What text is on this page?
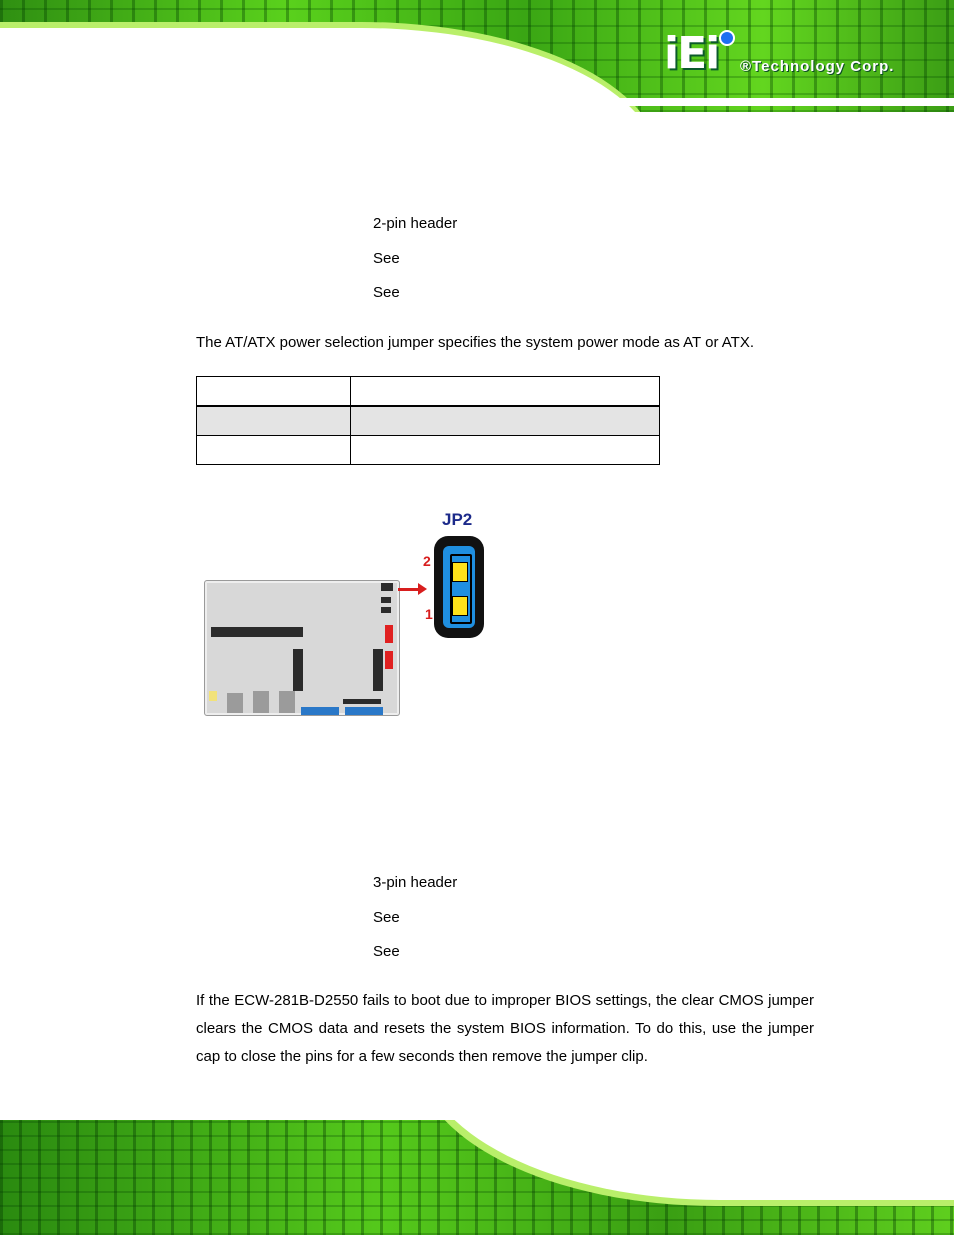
iEi ®Technology Corp.
2-pin header
See
See
The AT/ATX power selection jumper specifies the system power mode as AT or ATX.

JP2
2
1
3-pin header
See
See
If the ECW-281B-D2550 fails to boot due to improper BIOS settings, the clear CMOS jumper clears the CMOS data and resets the system BIOS information. To do this, use the jumper cap to close the pins for a few seconds then remove the jumper clip.
